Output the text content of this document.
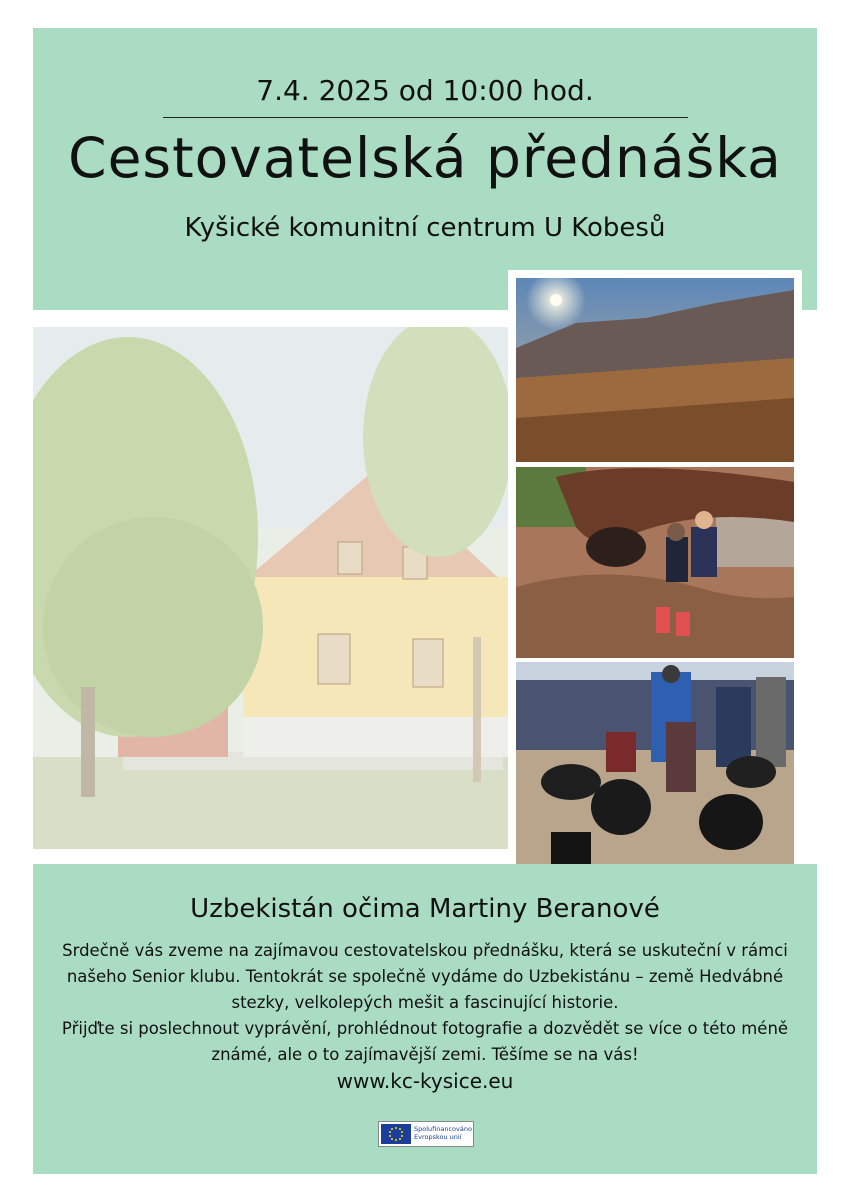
7.4. 2025 od 10:00 hod.
Cestovatelská přednáška
Kyšické komunitní centrum U Kobesů
Uzbekistán očima Martiny Beranové
Srdečně vás zveme na zajímavou cestovatelskou přednášku, která se uskuteční v rámci našeho Senior klubu. Tentokrát se společně vydáme do Uzbekistánu – země Hedvábné stezky, velkolepých mešit a fascinující historie.
Přijďte si poslechnout vyprávění, prohlédnout fotografie a dozvědět se více o této méně známé, ale o to zajímavější zemi. Těšíme se na vás!
www.kc-kysice.eu
Spolufinancováno Evropskou unií
